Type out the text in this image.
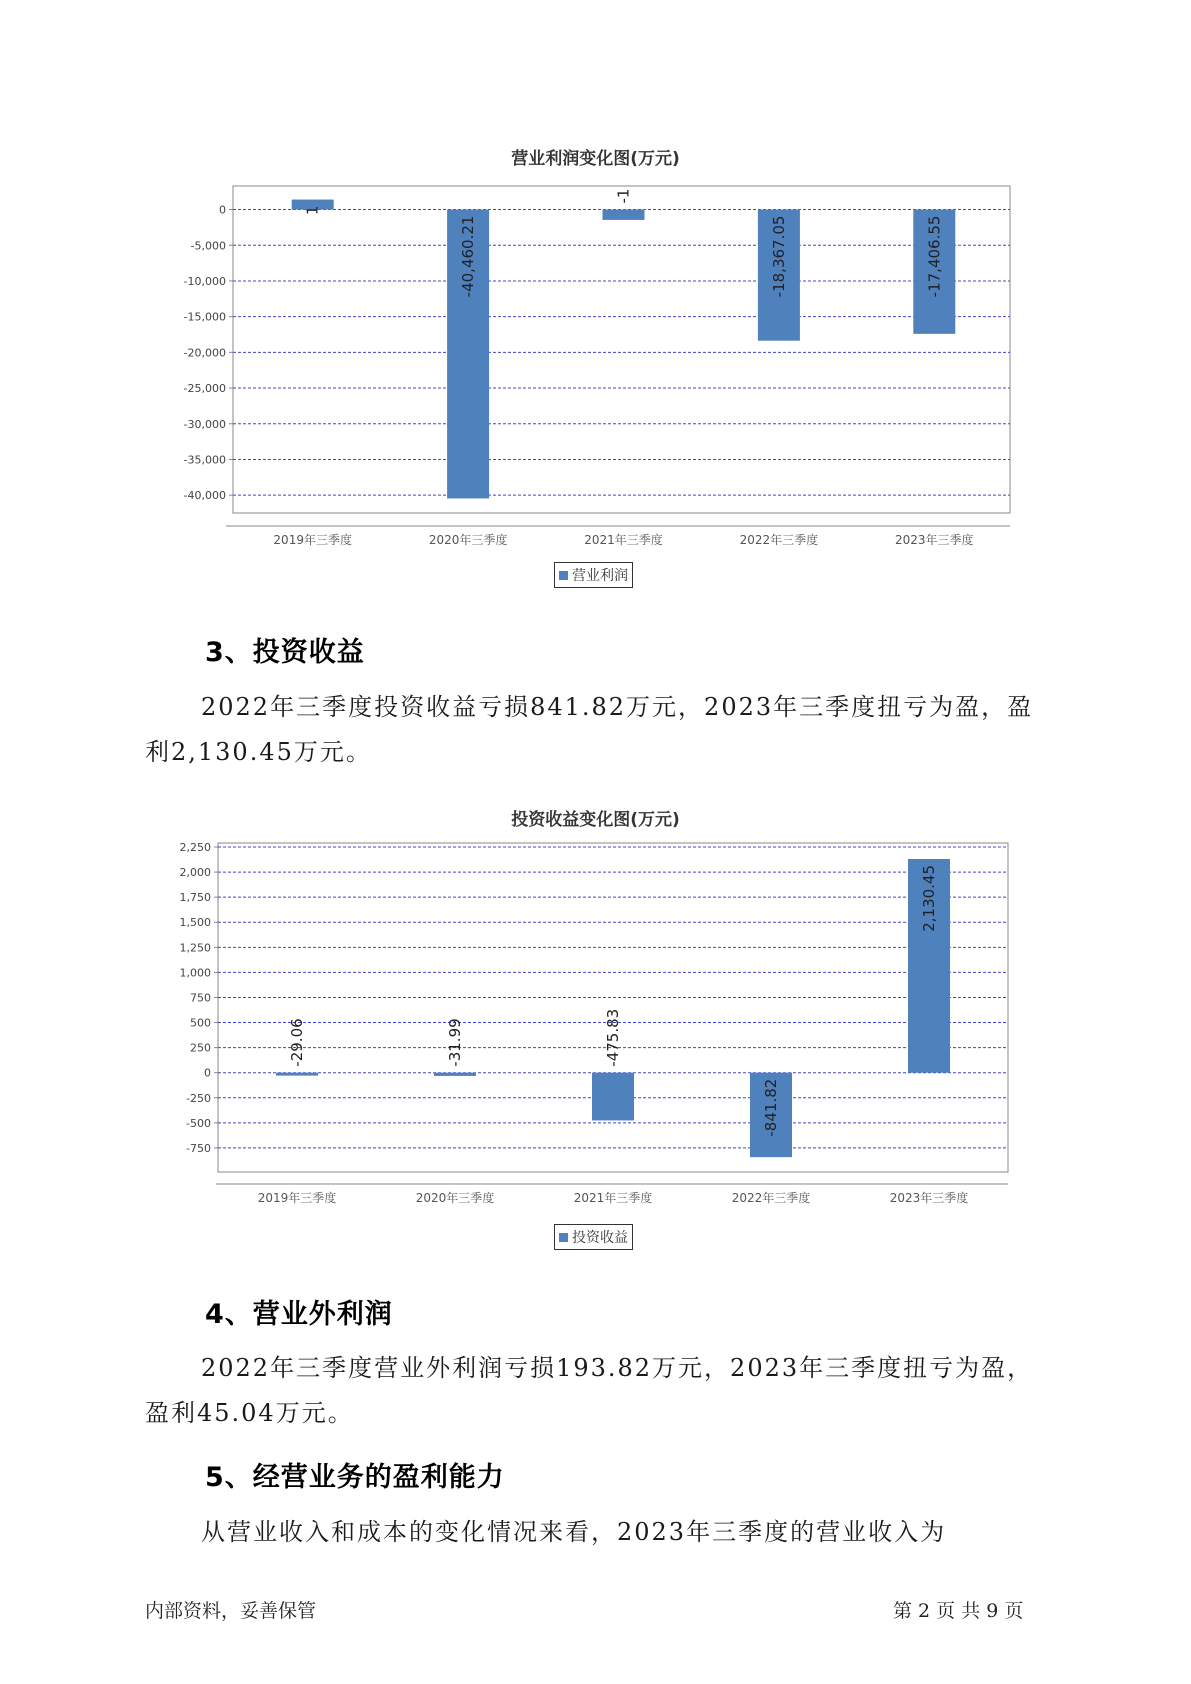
营业利润变化图(万元)
0
-5,000
-10,000
-15,000
-20,000
-25,000
-30,000
-35,000
-40,000
1
2019年三季度
-40,460.21
2020年三季度
-1
2021年三季度
-18,367.05
2022年三季度
-17,406.55
2023年三季度
营业利润
3、投资收益
2022年三季度投资收益亏损841.82万元，2023年三季度扭亏为盈，盈利2,130.45万元。
投资收益变化图(万元)
2,250
2,000
1,750
1,500
1,250
1,000
750
500
250
0
-250
-500
-750
-29.06
2019年三季度
-31.99
2020年三季度
-475.83
2021年三季度
-841.82
2022年三季度
2,130.45
2023年三季度
投资收益
4、营业外利润
2022年三季度营业外利润亏损193.82万元，2023年三季度扭亏为盈，盈利45.04万元。
5、经营业务的盈利能力
从营业收入和成本的变化情况来看，2023年三季度的营业收入为
内部资料，妥善保管	第 2 页 共 9 页
